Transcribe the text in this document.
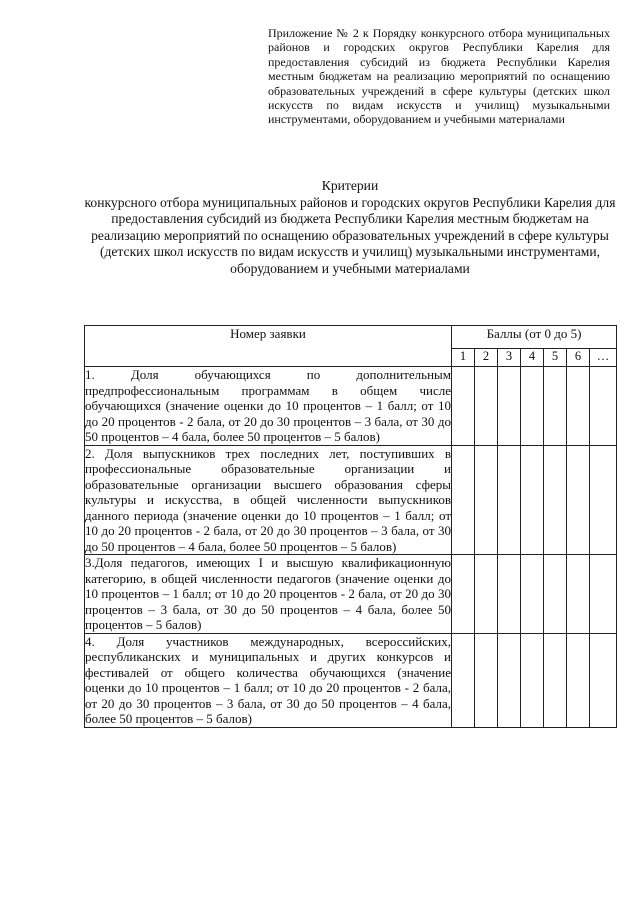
Приложение № 2 к Порядку конкурсного отбора муниципальных районов и городских округов Республики Карелия для предоставления субсидий из бюджета Республики Карелия местным бюджетам на реализацию мероприятий по оснащению образовательных учреждений в сфере культуры (детских школ искусств по видам искусств и училищ) музыкальными инструментами, оборудованием и учебными материалами
Критерии
конкурсного отбора муниципальных районов и городских округов Республики Карелия для предоставления субсидий из бюджета Республики Карелия местным бюджетам на реализацию мероприятий по оснащению образовательных учреждений в сфере культуры (детских школ искусств по видам искусств и училищ) музыкальными инструментами, оборудованием и учебными материалами
Номер заявки	Баллы (от 0 до 5)						
	1	2	3	4	5	6	…
1. Доля обучающихся по дополнительным предпрофессиональным программам в общем числе обучающихся (значение оценки до 10 процентов – 1 балл; от 10 до 20 процентов - 2 бала, от 20 до 30 процентов – 3 бала, от 30 до 50 процентов – 4 бала, более 50 процентов – 5 балов)							
2. Доля выпускников трех последних лет, поступивших в профессиональные образовательные организации и образовательные организации высшего образования сферы культуры и искусства, в общей численности выпускников данного периода (значение оценки до 10 процентов – 1 балл; от 10 до 20 процентов - 2 бала, от 20 до 30 процентов – 3 бала, от 30 до 50 процентов – 4 бала, более 50 процентов – 5 балов)							
3.Доля педагогов, имеющих I и высшую квалификационную категорию, в общей численности педагогов (значение оценки до 10 процентов – 1 балл; от 10 до 20 процентов - 2 бала, от 20 до 30 процентов – 3 бала, от 30 до 50 процентов – 4 бала, более 50 процентов – 5 балов)							
4. Доля участников международных, всероссийских, республиканских и муниципальных и других конкурсов и фестивалей от общего количества обучающихся (значение оценки до 10 процентов – 1 балл; от 10 до 20 процентов - 2 бала, от 20 до 30 процентов – 3 бала, от 30 до 50 процентов – 4 бала, более 50 процентов – 5 балов)							
